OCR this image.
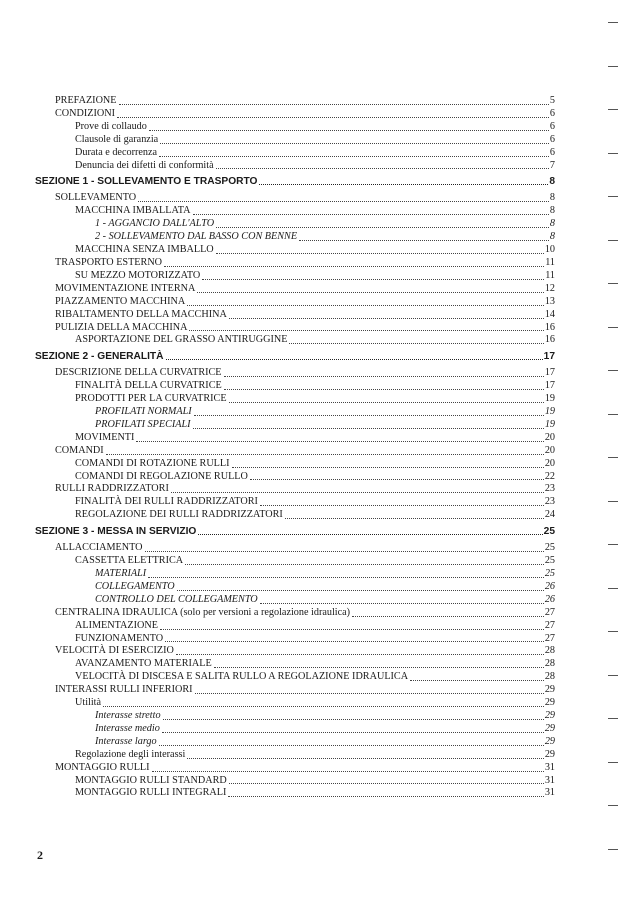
PREFAZIONE	5
CONDIZIONI	6
Prove di collaudo	6
Clausole di garanzia	6
Durata e decorrenza	6
Denuncia dei difetti di conformità	7
SEZIONE 1 - SOLLEVAMENTO E TRASPORTO	8
SOLLEVAMENTO	8
MACCHINA IMBALLATA	8
1 - AGGANCIO DALL'ALTO	8
2 - SOLLEVAMENTO DAL BASSO CON BENNE	8
MACCHINA SENZA IMBALLO	10
TRASPORTO ESTERNO	11
SU MEZZO MOTORIZZATO	11
MOVIMENTAZIONE INTERNA	12
PIAZZAMENTO MACCHINA	13
RIBALTAMENTO DELLA MACCHINA	14
PULIZIA DELLA MACCHINA	16
ASPORTAZIONE DEL GRASSO ANTIRUGGINE	16
SEZIONE 2 - GENERALITÀ	17
DESCRIZIONE DELLA CURVATRICE	17
FINALITÀ DELLA CURVATRICE	17
PRODOTTI PER LA CURVATRICE	19
PROFILATI NORMALI	19
PROFILATI SPECIALI	19
MOVIMENTI	20
COMANDI	20
COMANDI DI ROTAZIONE RULLI	20
COMANDI DI REGOLAZIONE RULLO	22
RULLI RADDRIZZATORI	23
FINALITÀ DEI RULLI RADDRIZZATORI	23
REGOLAZIONE DEI RULLI RADDRIZZATORI	24
SEZIONE 3 - MESSA IN SERVIZIO	25
ALLACCIAMENTO	25
CASSETTA ELETTRICA	25
MATERIALI	25
COLLEGAMENTO	26
CONTROLLO DEL COLLEGAMENTO	26
CENTRALINA IDRAULICA (solo per versioni a regolazione idraulica)	27
ALIMENTAZIONE	27
FUNZIONAMENTO	27
VELOCITÀ DI ESERCIZIO	28
AVANZAMENTO MATERIALE	28
VELOCITÀ DI DISCESA E SALITA RULLO A REGOLAZIONE IDRAULICA	28
INTERASSI RULLI INFERIORI	29
Utilità	29
Interasse stretto	29
Interasse medio	29
Interasse largo	29
Regolazione degli interassi	29
MONTAGGIO RULLI	31
MONTAGGIO RULLI STANDARD	31
MONTAGGIO RULLI INTEGRALI	31
2
